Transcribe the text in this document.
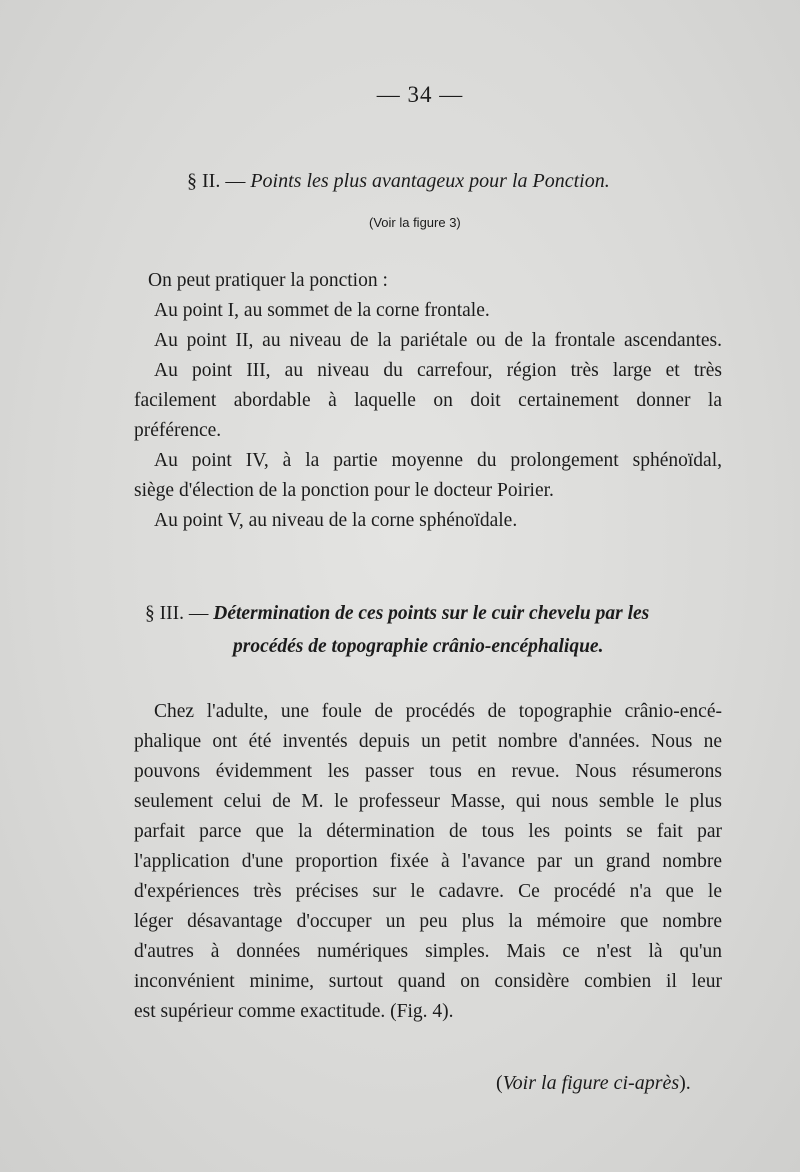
— 34 —
§ II. — Points les plus avantageux pour la Ponction.
(Voir la figure 3)
On peut pratiquer la ponction :
Au point I, au sommet de la corne frontale.
Au point II, au niveau de la pariétale ou de la frontale ascendantes.
Au point III, au niveau du carrefour, région très large et très
facilement abordable à laquelle on doit certainement donner la
préférence.
Au point IV, à la partie moyenne du prolongement sphénoïdal,
siège d'élection de la ponction pour le docteur Poirier.
Au point V, au niveau de la corne sphénoïdale.
§ III. — Détermination de ces points sur le cuir chevelu par les
procédés de topographie crânio-encéphalique.
Chez l'adulte, une foule de procédés de topographie crânio-encé-
phalique ont été inventés depuis un petit nombre d'années. Nous ne
pouvons évidemment les passer tous en revue. Nous résumerons
seulement celui de M. le professeur Masse, qui nous semble le plus
parfait parce que la détermination de tous les points se fait par
l'application d'une proportion fixée à l'avance par un grand nombre
d'expériences très précises sur le cadavre. Ce procédé n'a que le
léger désavantage d'occuper un peu plus la mémoire que nombre
d'autres à données numériques simples. Mais ce n'est là qu'un
inconvénient minime, surtout quand on considère combien il leur
est supérieur comme exactitude. (Fig. 4).
(Voir la figure ci-après).
